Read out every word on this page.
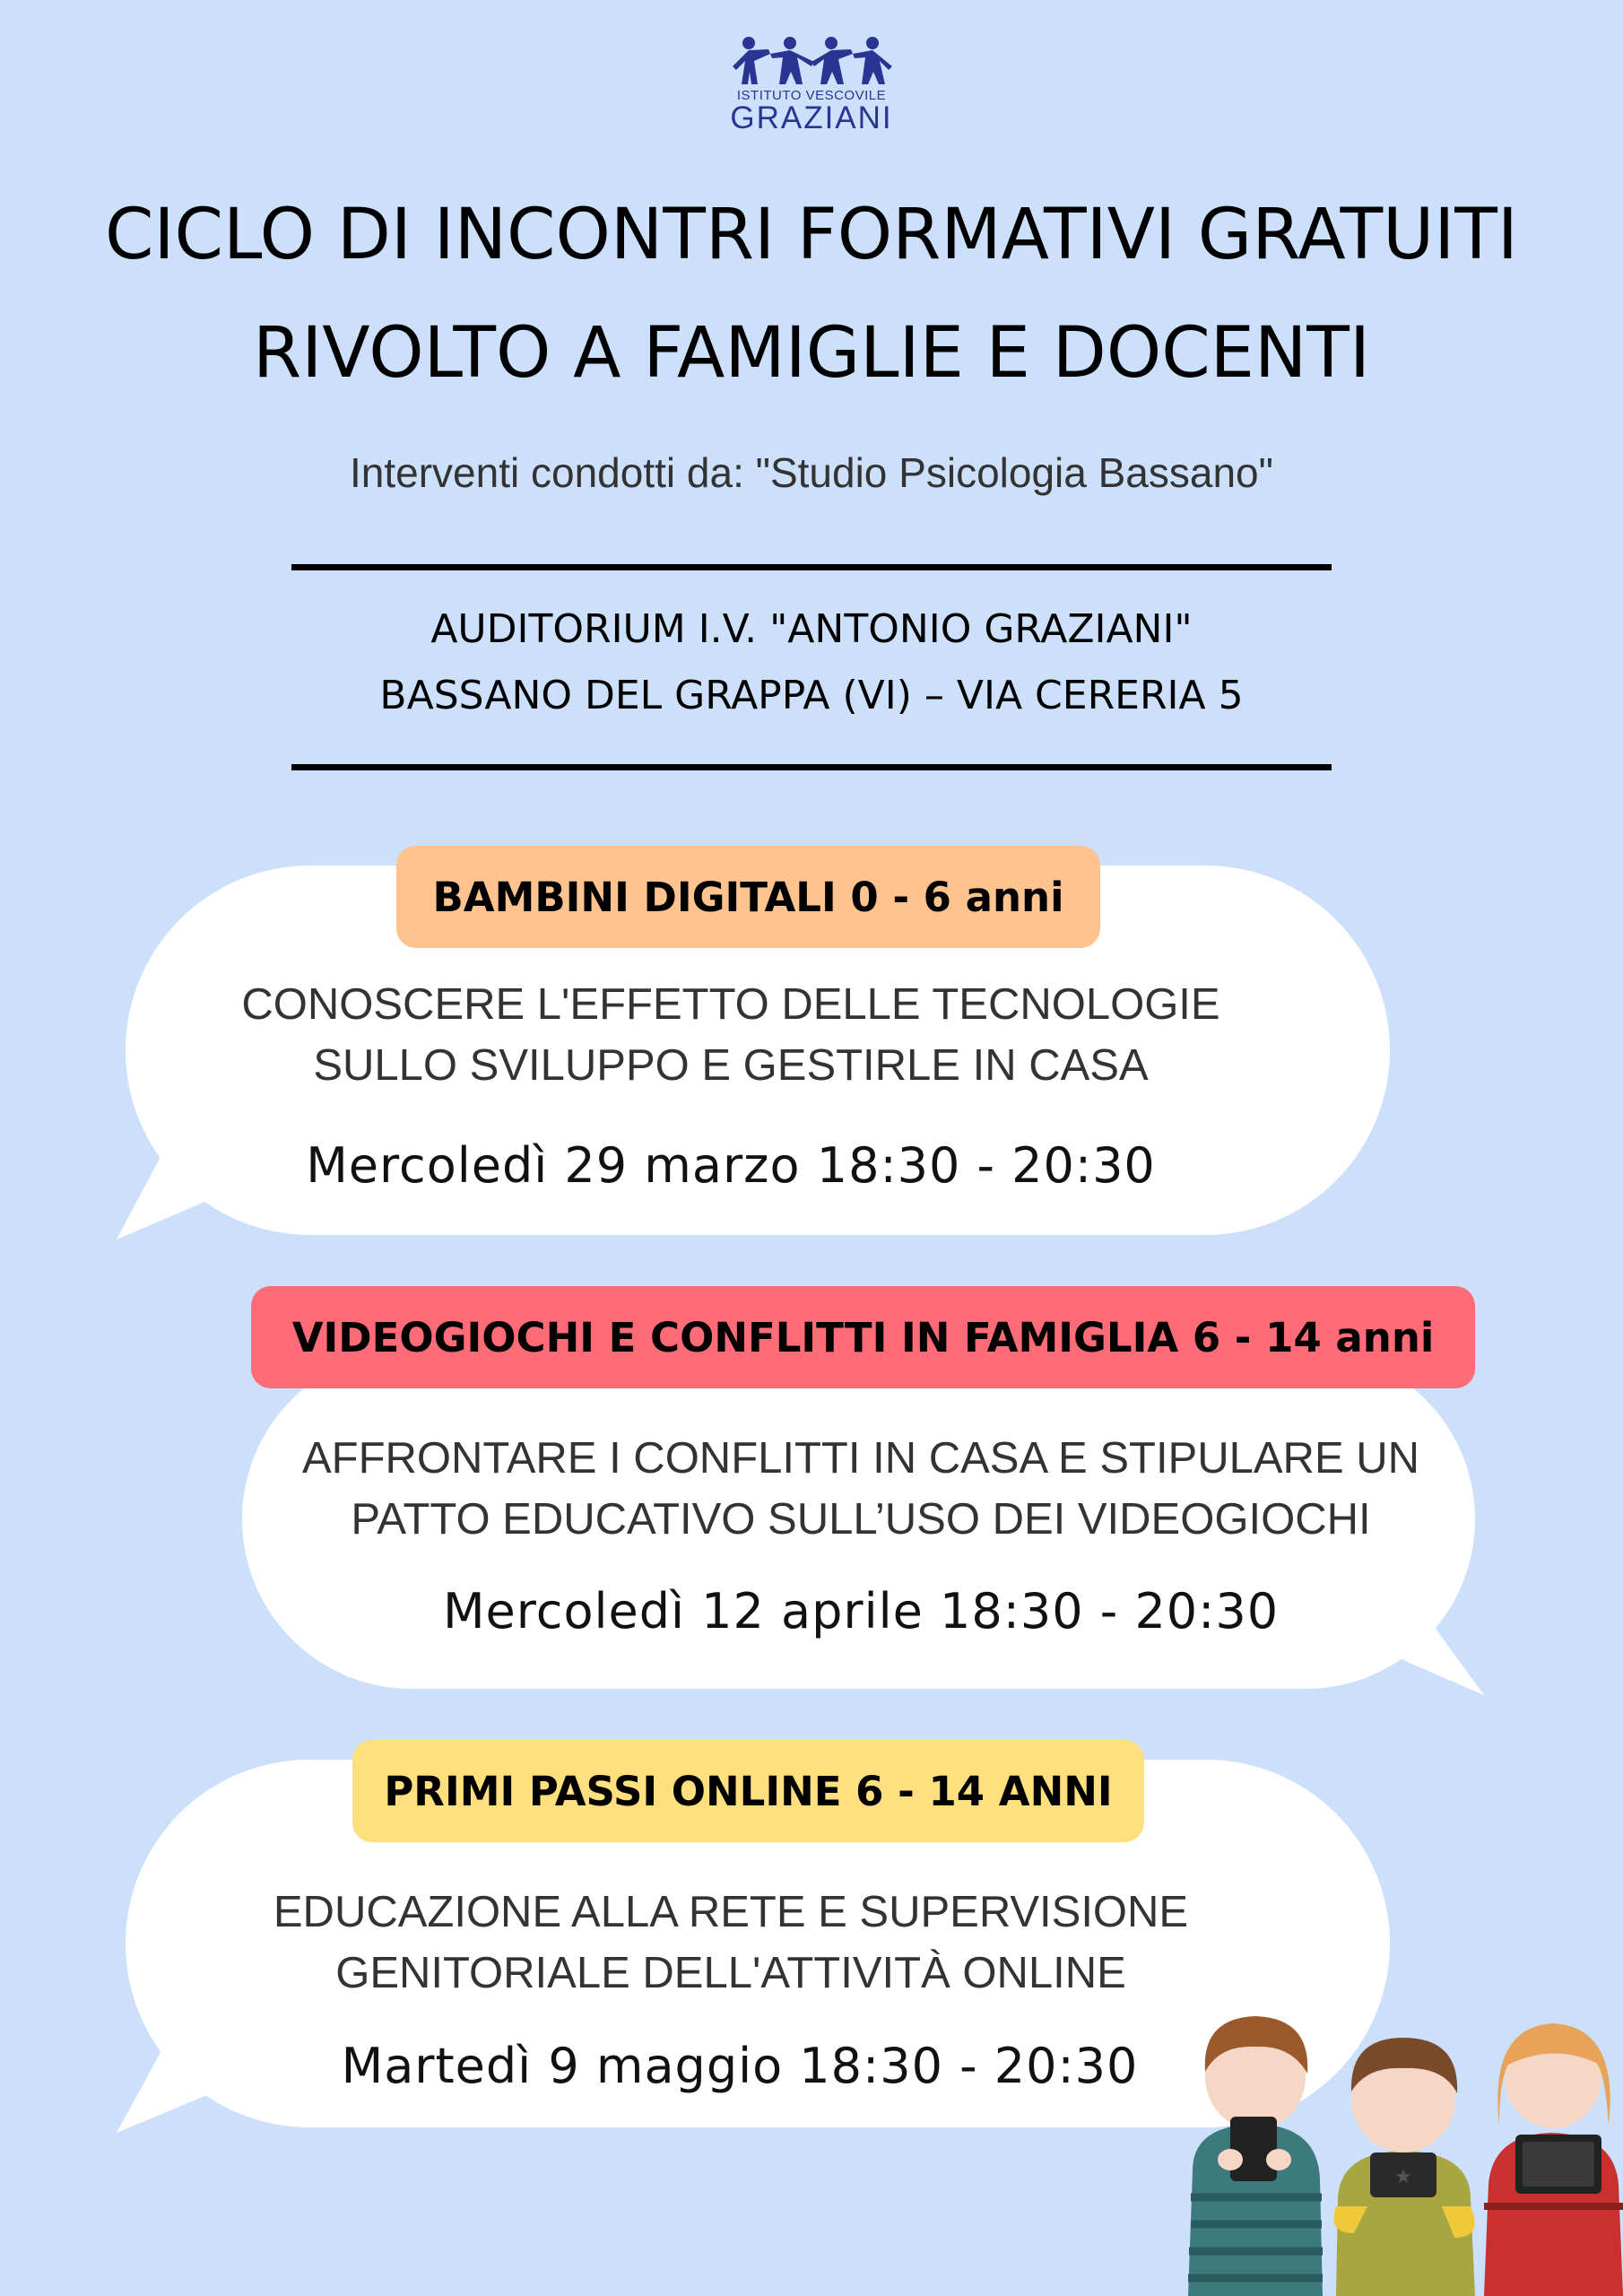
ISTITUTO VESCOVILE
GRAZIANI
CICLO DI INCONTRI FORMATIVI GRATUITI
RIVOLTO A FAMIGLIE E DOCENTI
Interventi condotti da: "Studio Psicologia Bassano"
AUDITORIUM I.V. "ANTONIO GRAZIANI"
BASSANO DEL GRAPPA (VI) – VIA CERERIA 5
BAMBINI DIGITALI 0 - 6 anni
CONOSCERE L'EFFETTO DELLE TECNOLOGIE
SULLO SVILUPPO E GESTIRLE IN CASA
Mercoledì 29 marzo 18:30 - 20:30
VIDEOGIOCHI E CONFLITTI IN FAMIGLIA 6 - 14 anni
AFFRONTARE I CONFLITTI IN CASA E STIPULARE UN
PATTO EDUCATIVO SULL’USO DEI VIDEOGIOCHI
Mercoledì 12 aprile 18:30 - 20:30
PRIMI PASSI ONLINE 6 - 14 ANNI
EDUCAZIONE ALLA RETE E SUPERVISIONE
GENITORIALE DELL'ATTIVITÀ ONLINE
Martedì 9 maggio 18:30 - 20:30
★
